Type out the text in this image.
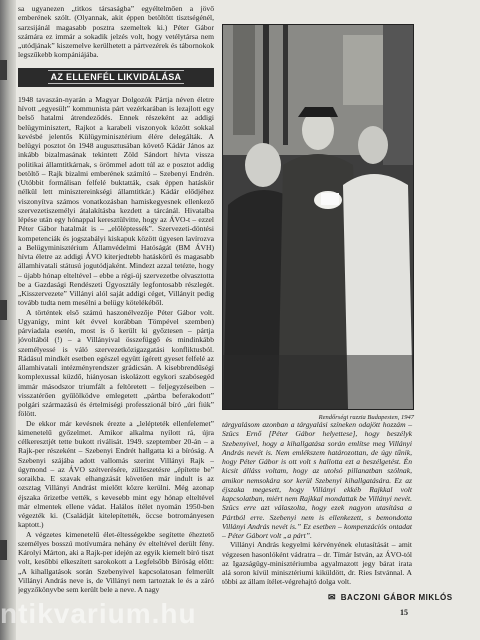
sa ugyanezen „titkos társaságba” egyéltelmően a jövő emberének szólt. (Olyannak, akit éppen betöltött tisztségénél, sarzsijánál magasabb posztra szemeltek ki.) Péter Gábor számára ez immár a sokadik jelzés volt, hogy vetélytársa nem „utódjának” kiszemelve kerülhetett a pártvezérek és tábornokok legszűkebb kompániájába.

AZ ELLENFÉL LIKVIDÁLÁSA

1948 tavaszán-nyarán a Magyar Dolgozók Pártja néven életre hívott „egyesült” kommunista párt vezérkarában is lezajlott egy belső hatalmi átrendeződés. Ennek részeként az addigi belügyminisztert, Rajkot a karabeli viszonyok között sokkal kevésbé jelentős Külügyminisztérium élére delegálták. A belügyi posztot ön 1948 augusztusában követő Kádár János az inkább bizalmasának tekintett Zöld Sándort hívta vissza politikai államtitkárnak, s örömmel adott túl az e posztot addig betöltő – Rajk bizalmi emberének számító – Szebenyi Endrén. (Utóbbit formálisan felfelé buktatták, csak éppen hatáskör nélkül lett minisztereinkségi államtitkár.) Kádár elődjéhez viszonyítva számos vonatkozásban hamiskegyesnek ellenkező szervezetiszemélyi átalakításba kezdett a tárcánál. Hivatalba lépése után egy hónappal keresztülvitte, hogy az ÁVO-t – ezzel Péter Gábor hatalmát is – „előléptessék”. Szervezeti-döntési kompetenciák és jogszabályi kiskapuk között úgyesen lavírozva a Belügyminisztérium Államvédelmi Hatóságát (BM ÁVH) hívta életre az addigi ÁVO kiterjedtebb hatáskörű és magasabb államhivatali státusú jogutódjaként. Mindezt azzal tetézte, hogy – újabb hónap elteltével – ebbe a régi-új szervezetbe olvasztotta be a Gazdasági Rendészeti Ügyosztály legfontosabb részlegét. „Kisszervezete” Villányi alól saját addigi céget, Villányit pedig tovább tudta nem mesélni a belügy kötelékéből.

A történtek első számú haszonélvezője Péter Gábor volt. Ugyanígy, mint két évvel korábban Tömpével szemben) párviadala esetén, most is ő került ki győztesen – pártja jóvoltából (!) – a Villányival összefüggő és mindinkább személyessé is váló szervezetközigazgatási konfliktusból. Rádásul mindkét esetben egészel együtt ígérett gyeset felfelé az államhivatali intézményrendszer grádicsán. A kisebbrendűségi komplexussal küzdő, hiányosan iskolázott egykori szabósegéd immár másodszor triumfált a feltöretett – feljegyzéseiben – visszatérően gyűlölködve emlegetett „pártba beferakodott” polgári származású és értelmiségi professzionál bíró „úri fiúk” fölött.

De ekkor már kevésnek érezte a „lelépteték ellenfelemet” kimenetelű győzelmet. Amikor alkalma nyílott rá, újra célkeresztjét tette bukott riválisát. 1949. szeptember 20-án – a Rajk-per részeként – Szebenyi Endrét hallgatta ki a bíróság. A Szebenyi szájába adott vallomás szerint Villányi Rajk – úgymond – az ÁVO szétverésére, zülleszetésre „építette be” soraikba. E szavak elhangzását követően már indult is az ozsztag Villányi Andrást mielőtt közre kerülni. Még azonap éjszaka őrizetbe vették, s kevesebb mint egy hónap elteltével már elmentek ellene vádat. Halálos ítélet nyomán 1950-ben végezték ki. (Családját kitelepítették, öccse botrományesen kaptott.)

A végzetes kimenetelű élet-éltességekbe segítette éheztető személyes bosszú motívumára nehány év elteltével derült fény. Károlyi Márton, aki a Rajk-per idején az egyik kiemelt bíró tiszt volt, kesőbbi elkeszített sarokokott a Legfelsőbb Bíróság előtt: „A kihallgatások során Szebenyivel kapcsolatosan felmerült Villányi András neve is, de Villányi nem tartoztak le és a záró jegyzőkönyvbe sem került bele a neve. A nagy

Rendőrségi razzia Budapesten, 1947

tárgyalásom azonban a tárgyalási színeken odajött hozzám – Szücs Ernő [Péter Gábor helyettese], hogy beszélyk Szebenyivel, hogy a kihallgatása során említse meg Villányi András nevét is. Nem emlékszem határozottan, de úgy tűnik, hogy Péter Gábor is ott volt s hallotta ezt a beszélgetést. Én kicsit álláss voltam, hogy az utolsó pillanatban szólnak, amikor nemsokára sor kerül Szebenyi kihallgatására. Ez az éjszaka megesett, hogy Villányi ekkéb Rajkkal volt kapcsolatban, miért nem Rajkkal mondattak be Villányi nevét. Szücs erre azt válaszolta, hogy ezek nagyon utasítása a Pártból erre. Szebenyi nem is ellenkezett, s bemondotta Villányi András nevét is.” Ez esetben – kompenzációs ontadat – Péter Gábort volt „a párt”.

Villányi András kegyelmi kérvényének elutasítását – amit végzesen hasonlóként vádratra – dr. Tímár István, az ÁVO-tól az Igazságügy-minisztériumba agyalmazott jegy bárat irata alá soron kívül minisztériumi kiküldött, dr. Ries Istvánnal. A többi az állam ítélet-végrehajtó dolga volt.

✉ BACZONI GÁBOR MIKLÓS
15
ntikvarium.hu
